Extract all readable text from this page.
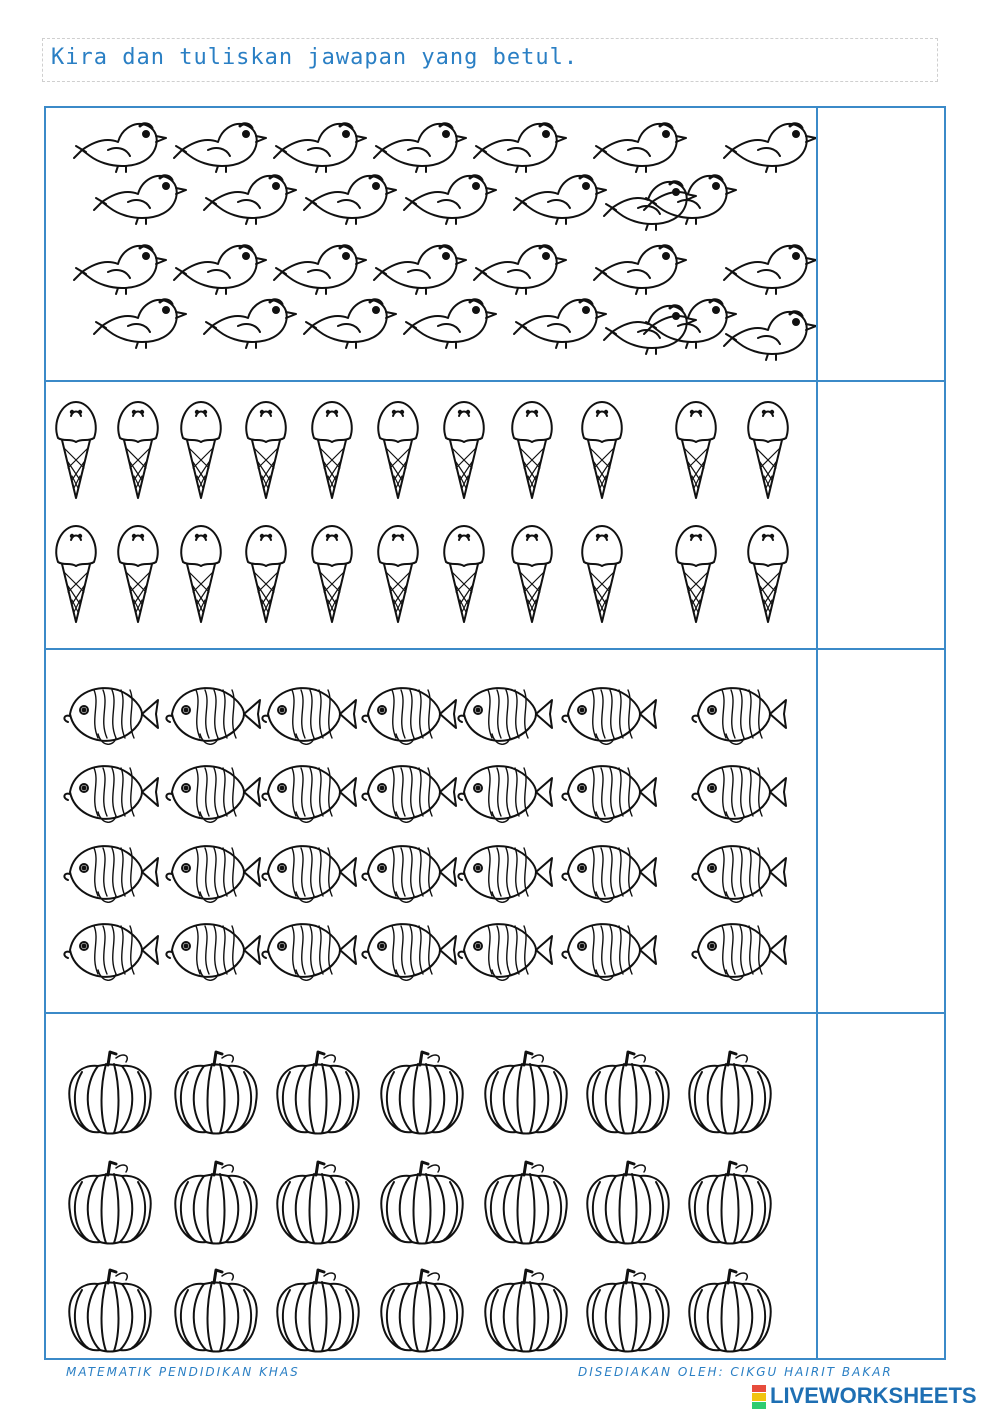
Kira dan tuliskan jawapan yang betul.
MATEMATIK PENDIDIKAN KHAS	DISEDIAKAN OLEH: CIKGU HAIRIT BAKAR
LIVEWORKSHEETS
